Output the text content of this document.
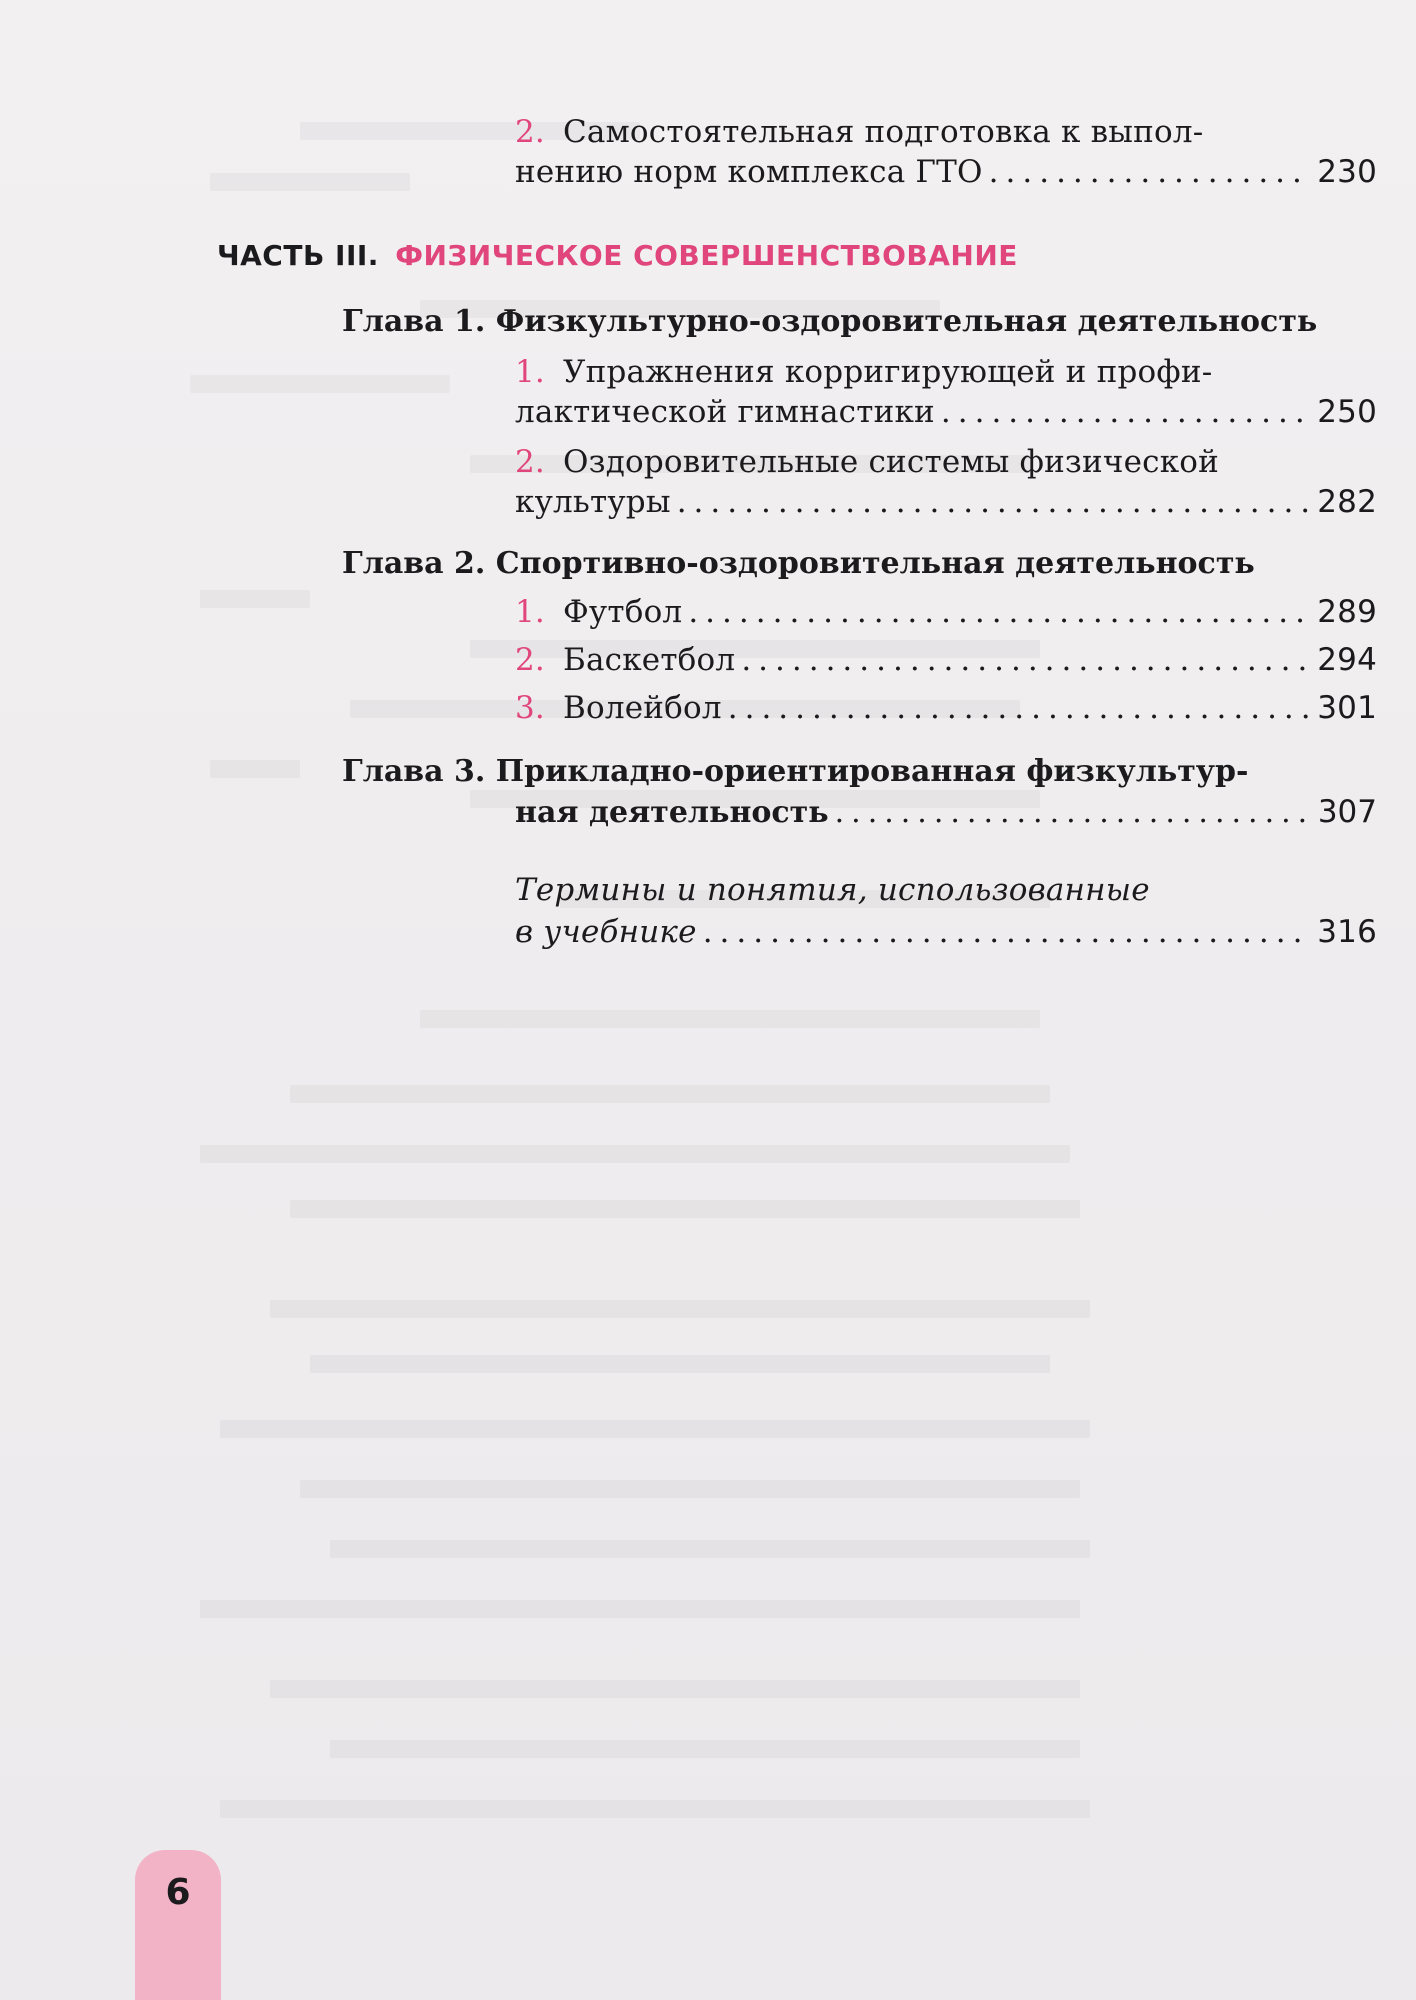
2. Самостоятельная подготовка к выпол-
нению норм комплекса ГТО .....	230
ЧАСТЬ III. ФИЗИЧЕСКОЕ СОВЕРШЕНСТВОВАНИЕ
Глава 1. Физкультурно-оздоровительная деятельность
1. Упражнения корригирующей и профи-
лактической гимнастики .....	250
2. Оздоровительные системы физической
культуры .....	282
Глава 2. Спортивно-оздоровительная деятельность
1. Футбол .....	289
2. Баскетбол .....	294
3. Волейбол .....	301
Глава 3. Прикладно-ориентированная физкультур-
ная деятельность .....	307
Термины и понятия, использованные
в учебнике .....	316
6
